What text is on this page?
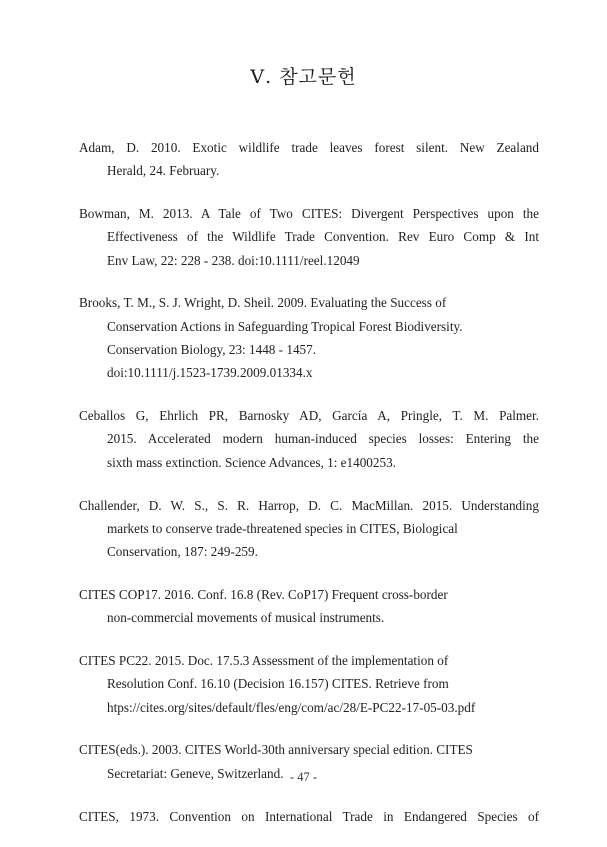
Ⅴ. 참고문헌
Adam, D. 2010. Exotic wildlife trade leaves forest silent. New Zealand
Herald, 24. February.
Bowman, M. 2013. A Tale of Two CITES: Divergent Perspectives upon the
Effectiveness of the Wildlife Trade Convention. Rev Euro Comp & Int
Env Law, 22: 228 - 238. doi:10.1111/reel.12049
Brooks, T. M., S. J. Wright, D. Sheil. 2009. Evaluating the Success of
Conservation Actions in Safeguarding Tropical Forest Biodiversity.
Conservation Biology, 23: 1448 - 1457.
doi:10.1111/j.1523-1739.2009.01334.x
Ceballos G, Ehrlich PR, Barnosky AD, García A, Pringle, T. M. Palmer.
2015. Accelerated modern human-induced species losses: Entering the
sixth mass extinction. Science Advances, 1: e1400253.
Challender, D. W. S., S. R. Harrop, D. C. MacMillan. 2015. Understanding
markets to conserve trade-threatened species in CITES, Biological
Conservation, 187: 249-259.
CITES COP17. 2016. Conf. 16.8 (Rev. CoP17) Frequent cross-border
non-commercial movements of musical instruments.
CITES PC22. 2015. Doc. 17.5.3 Assessment of the implementation of
Resolution Conf. 16.10 (Decision 16.157) CITES. Retrieve from
htps://cites.org/sites/default/fles/eng/com/ac/28/E-PC22-17-05-03.pdf
CITES(eds.). 2003. CITES World-30th anniversary special edition. CITES
Secretariat: Geneve, Switzerland.
CITES, 1973. Convention on International Trade in Endangered Species of
- 47 -
